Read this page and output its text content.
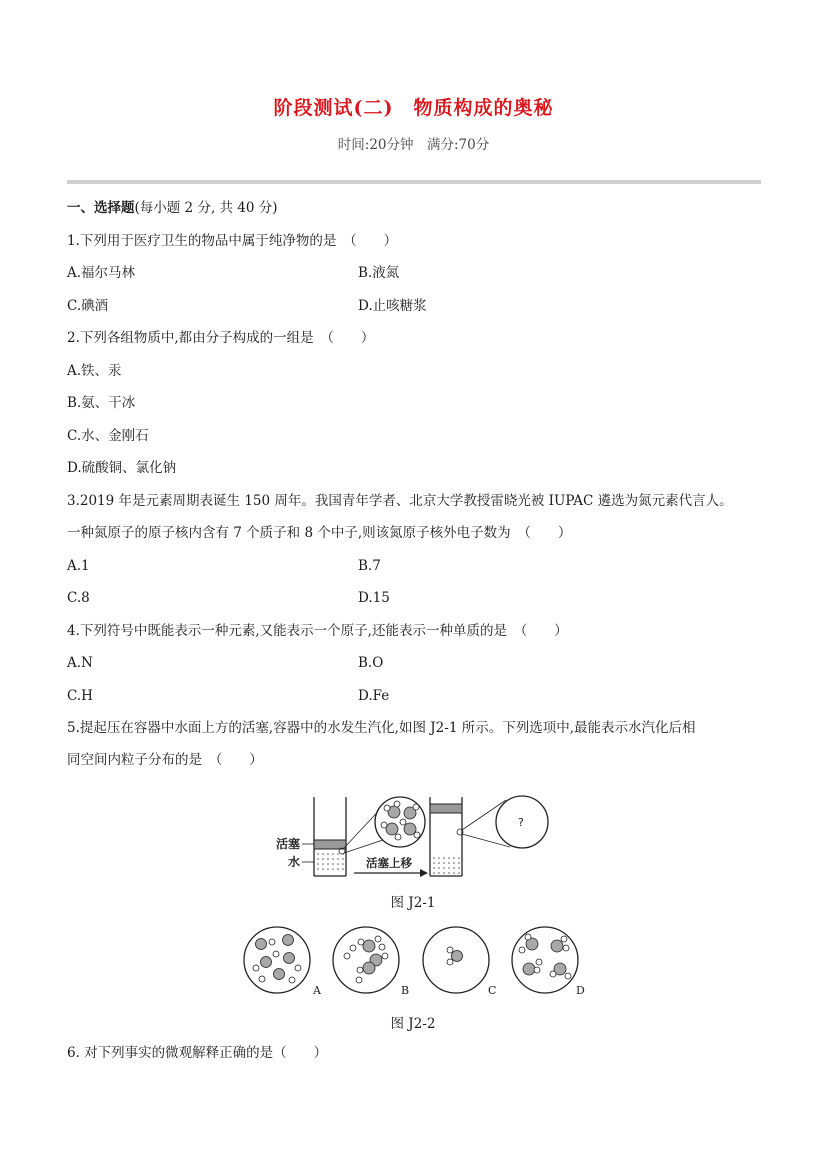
阶段测试(二)　物质构成的奥秘
时间:20分钟　满分:70分
一、选择题(每小题 2 分, 共 40 分)
1.下列用于医疗卫生的物品中属于纯净物的是　（　　）
A.福尔马林	B.液氮
C.碘酒	D.止咳糖浆
2.下列各组物质中,都由分子构成的一组是　（　　）
A.铁、汞
B.氨、干冰
C.水、金刚石
D.硫酸铜、氯化钠
3.2019 年是元素周期表诞生 150 周年。我国青年学者、北京大学教授雷晓光被 IUPAC 遴选为氮元素代言人。
一种氮原子的原子核内含有 7 个质子和 8 个中子,则该氮原子核外电子数为　（　　）
A.1	B.7
C.8	D.15
4.下列符号中既能表示一种元素,又能表示一个原子,还能表示一种单质的是　（　　）
A.N	B.O
C.H	D.Fe
5.提起压在容器中水面上方的活塞,容器中的水发生汽化,如图 J2-1 所示。下列选项中,最能表示水汽化后相
同空间内粒子分布的是　（　　）
活塞
水	活塞上移
?
图 J2-1
A	B	C	D
图 J2-2
6. 对下列事实的微观解释正确的是（　　）
